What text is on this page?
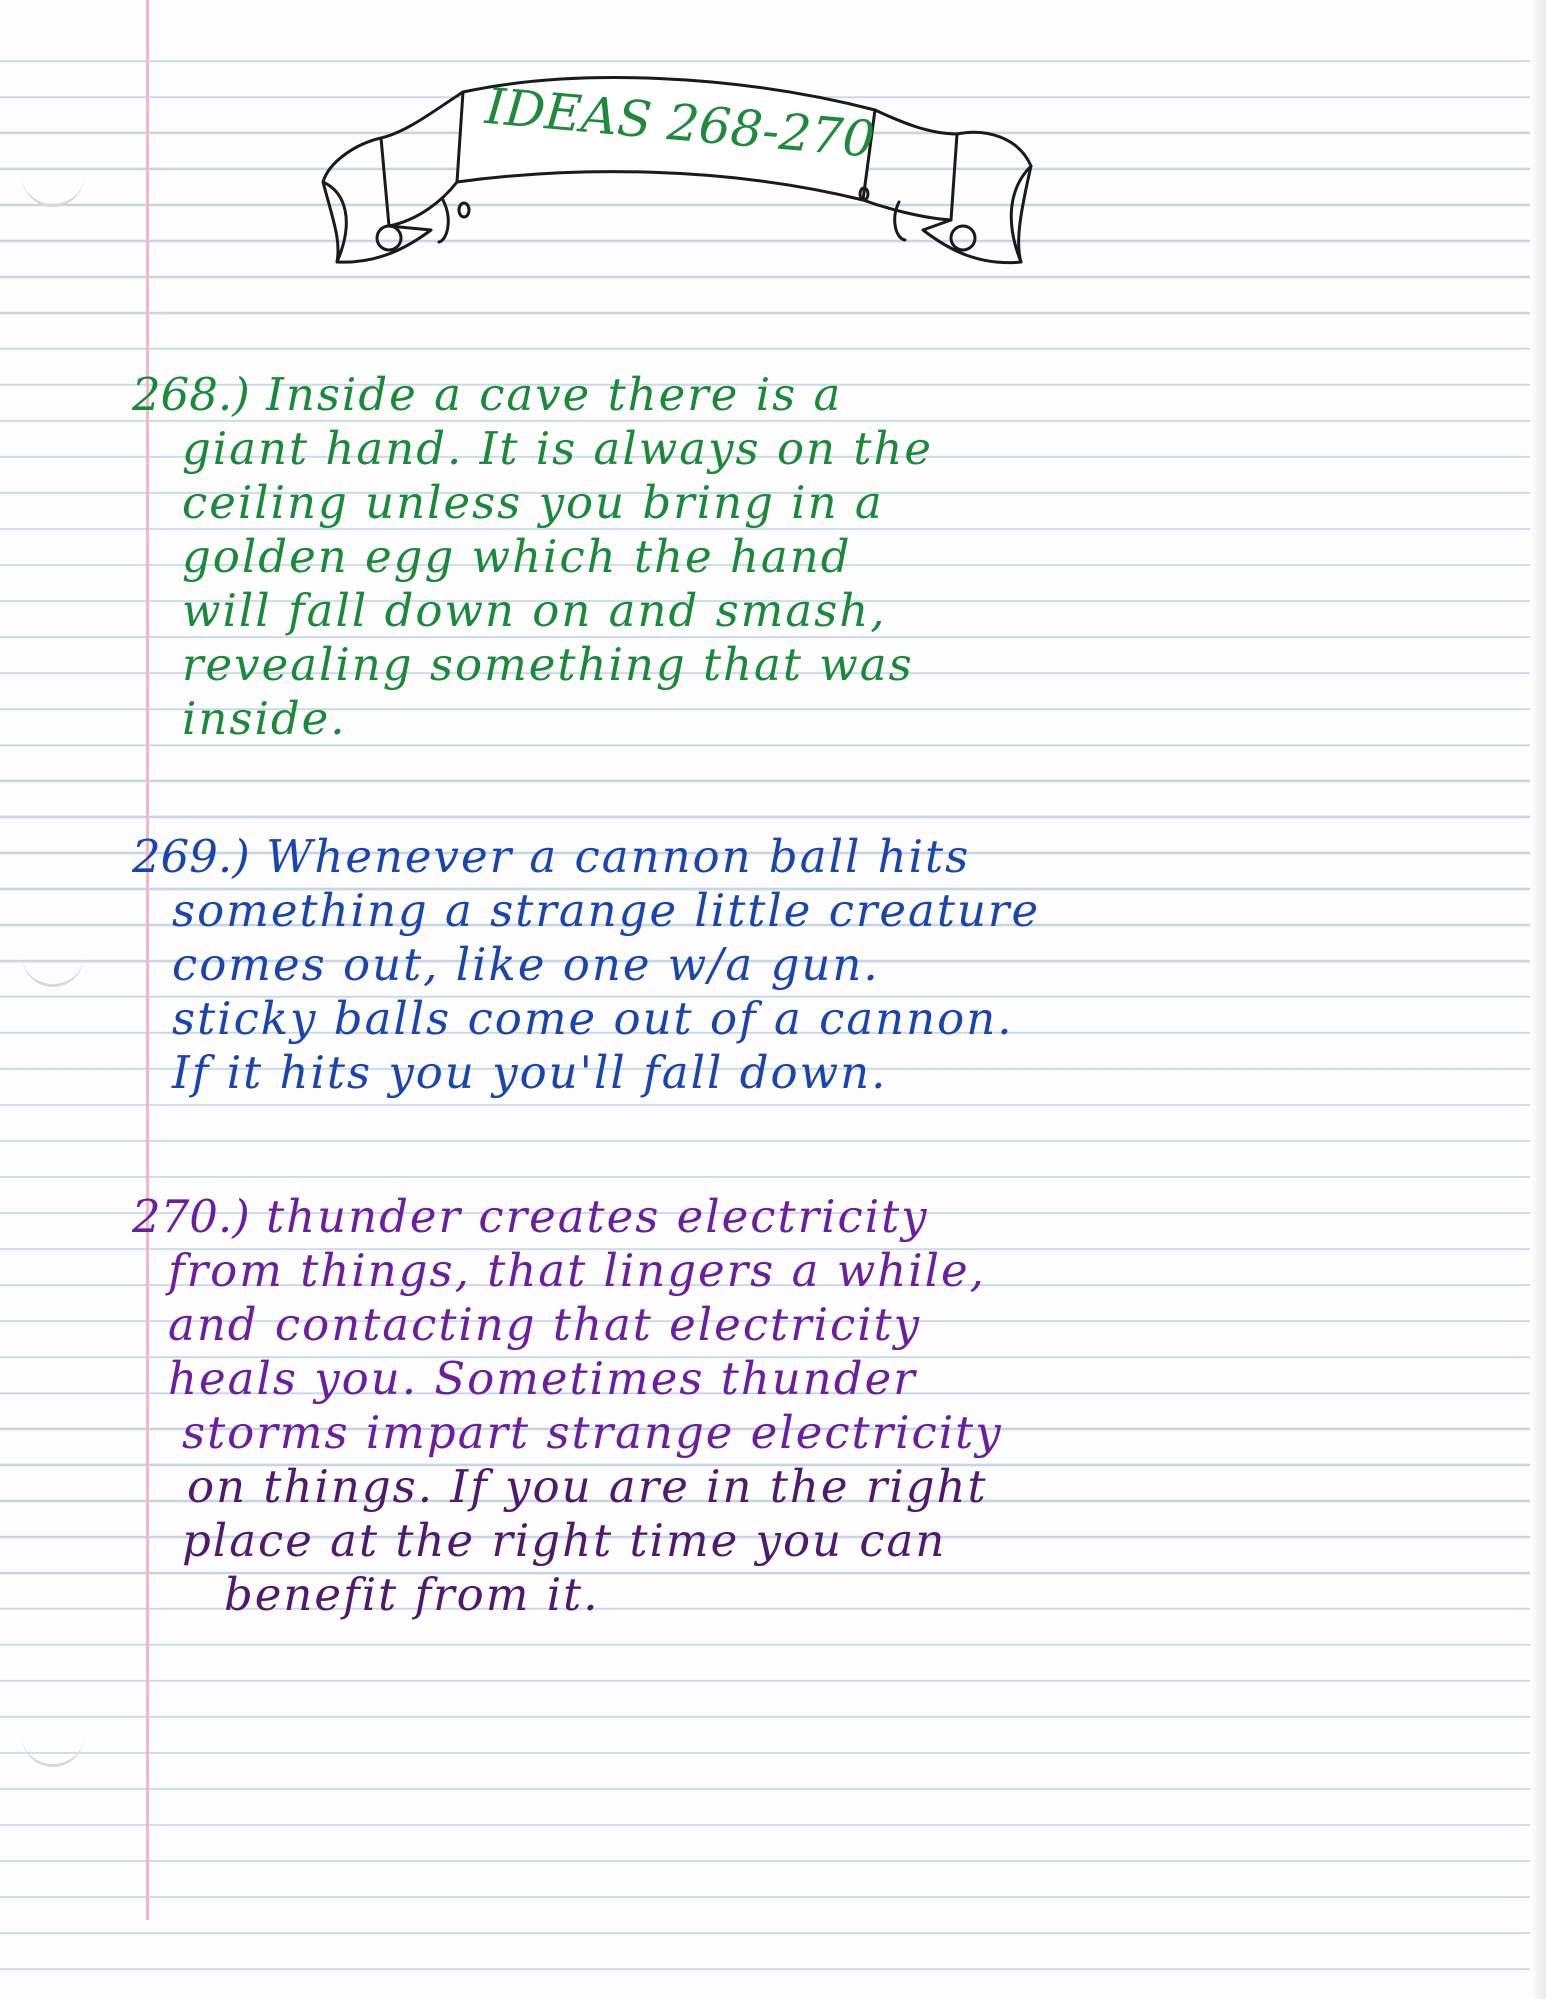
IDEAS 268-270
268.) Inside a cave there is a
giant hand. It is always on the
ceiling unless you bring in a
golden egg which the hand
will fall down on and smash,
revealing something that was
inside.
269.) Whenever a cannon ball hits
something a strange little creature
comes out, like one w/a gun.
sticky balls come out of a cannon.
If it hits you you'll fall down.
270.) thunder creates electricity
from things, that lingers a while,
and contacting that electricity
heals you. Sometimes thunder
storms impart strange electricity
on things. If you are in the right
place at the right time you can
benefit from it.
